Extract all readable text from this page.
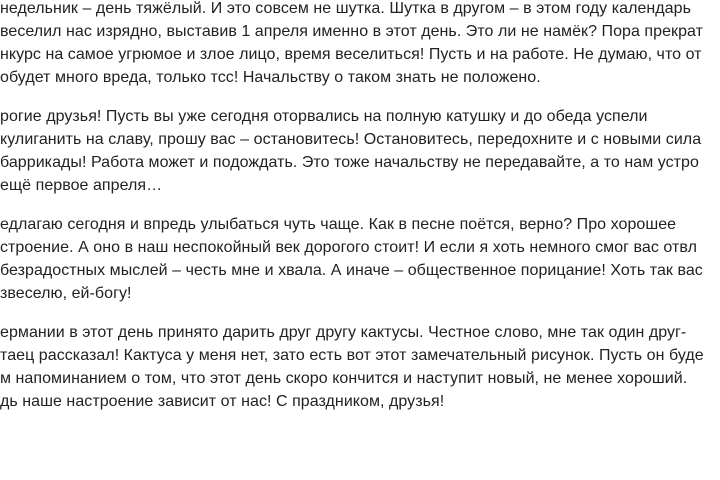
недельник – день тяжёлый. И это совсем не шутка. Шутка в другом – в этом году календарь
веселил нас изрядно, выставив 1 апреля именно в этот день. Это ли не намёк? Пора прекрат
нкурс на самое угрюмое и злое лицо, время веселиться! Пусть и на работе. Не думаю, что от
обудет много вреда, только тсс! Начальству о таком знать не положено.
рогие друзья! Пусть вы уже сегодня оторвались на полную катушку и до обеда успели
кулиганить на славу, прошу вас – остановитесь! Остановитесь, передохните и с новыми сила
баррикады! Работа может и подождать. Это тоже начальству не передавайте, а то нам устро
ещё первое апреля…
едлагаю сегодня и впредь улыбаться чуть чаще. Как в песне поётся, верно? Про хорошее
строение. А оно в наш неспокойный век дорогого стоит! И если я хоть немного смог вас отвл
безрадостных мыслей – честь мне и хвала. А иначе – общественное порицание! Хоть так вас
звеселю, ей-богу!
ермании в этот день принято дарить друг другу кактусы. Честное слово, мне так один друг-
таец рассказал! Кактуса у меня нет, зато есть вот этот замечательный рисунок. Пусть он буде
м напоминанием о том, что этот день скоро кончится и наступит новый, не менее хороший.
дь наше настроение зависит от нас! С праздником, друзья!
